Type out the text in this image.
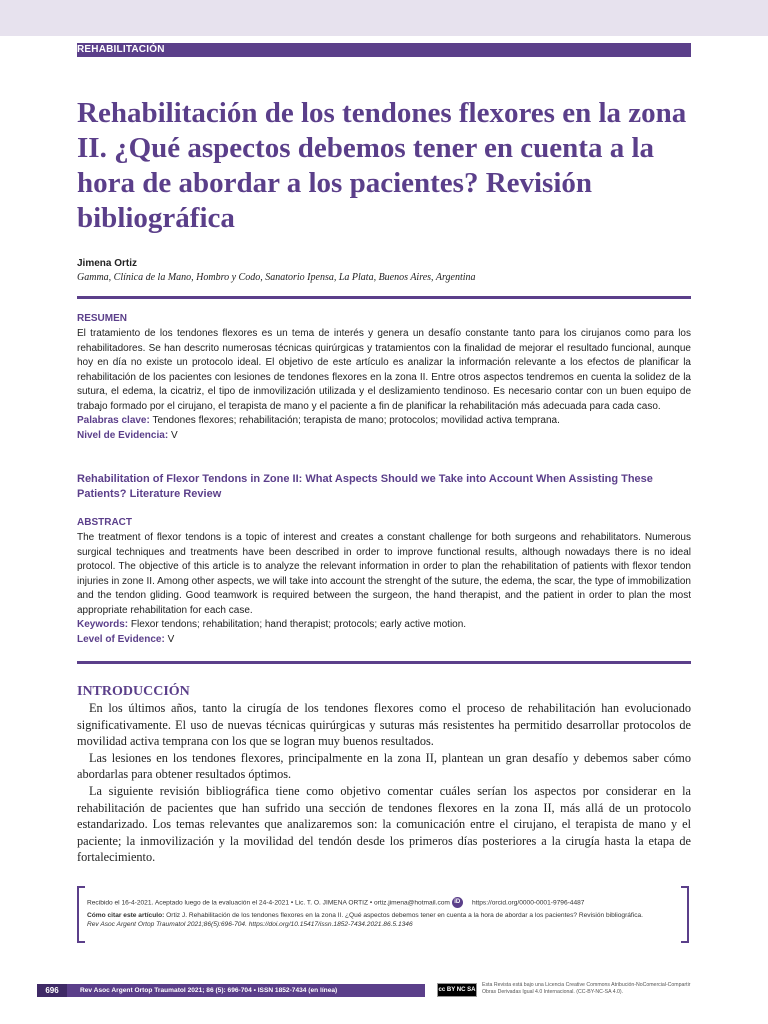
REHABILITACIÓN
Rehabilitación de los tendones flexores en la zona II. ¿Qué aspectos debemos tener en cuenta a la hora de abordar a los pacientes? Revisión bibliográfica
Jimena Ortiz
Gamma, Clínica de la Mano, Hombro y Codo, Sanatorio Ipensa, La Plata, Buenos Aires, Argentina
RESUMEN
El tratamiento de los tendones flexores es un tema de interés y genera un desafío constante tanto para los cirujanos como para los rehabilitadores. Se han descrito numerosas técnicas quirúrgicas y tratamientos con la finalidad de mejorar el resultado funcional, aunque hoy en día no existe un protocolo ideal. El objetivo de este artículo es analizar la información relevante a los efectos de planificar la rehabilitación de los pacientes con lesiones de tendones flexores en la zona II. Entre otros aspectos tendremos en cuenta la solidez de la sutura, el edema, la cicatriz, el tipo de inmovilización utilizada y el deslizamiento tendinoso. Es necesario contar con un buen equipo de trabajo formado por el cirujano, el terapista de mano y el paciente a fin de planificar la rehabilitación más adecuada para cada caso.
Palabras clave: Tendones flexores; rehabilitación; terapista de mano; protocolos; movilidad activa temprana.
Nivel de Evidencia: V
Rehabilitation of Flexor Tendons in Zone II: What Aspects Should we Take into Account When Assisting These Patients? Literature Review
ABSTRACT
The treatment of flexor tendons is a topic of interest and creates a constant challenge for both surgeons and rehabilitators. Numerous surgical techniques and treatments have been described in order to improve functional results, although nowadays there is no ideal protocol. The objective of this article is to analyze the relevant information in order to plan the rehabilitation of patients with flexor tendon injuries in zone II. Among other aspects, we will take into account the strenght of the suture, the edema, the scar, the type of immobilization and the tendon gliding. Good teamwork is required between the surgeon, the hand therapist, and the patient in order to plan the most appropriate rehabilitation for each case.
Keywords: Flexor tendons; rehabilitation; hand therapist; protocols; early active motion.
Level of Evidence: V
INTRODUCCIÓN

En los últimos años, tanto la cirugía de los tendones flexores como el proceso de rehabilitación han evolucionado significativamente. El uso de nuevas técnicas quirúrgicas y suturas más resistentes ha permitido desarrollar protocolos de movilidad activa temprana con los que se logran muy buenos resultados.

Las lesiones en los tendones flexores, principalmente en la zona II, plantean un gran desafío y debemos saber cómo abordarlas para obtener resultados óptimos.

La siguiente revisión bibliográfica tiene como objetivo comentar cuáles serían los aspectos por considerar en la rehabilitación de pacientes que han sufrido una sección de tendones flexores en la zona II, más allá de un protocolo estandarizado. Los temas relevantes que analizaremos son: la comunicación entre el cirujano, el terapista de mano y el paciente; la inmovilización y la movilidad del tendón desde los primeros días posteriores a la cirugía hasta la etapa de fortalecimiento.

Recibido el 16-4-2021. Aceptado luego de la evaluación el 24-4-2021 • Lic. T. O. JIMENA ORTIZ • ortiz.jimena@hotmail.com iD https://orcid.org/0000-0001-9796-4487
Cómo citar este artículo: Ortiz J. Rehabilitación de los tendones flexores en la zona II. ¿Qué aspectos debemos tener en cuenta a la hora de abordar a los pacientes? Revisión bibliográfica.
Rev Asoc Argent Ortop Traumatol 2021;86(5):696-704. https://doi.org/10.15417/issn.1852-7434.2021.86.5.1346
696	Rev Asoc Argent Ortop Traumatol 2021; 86 (5): 696-704 • ISSN 1852-7434 (en línea)	cc BY NC SA
Esta Revista está bajo una Licencia Creative Commons Atribución-NoComercial-Compartir Obras Derivadas Igual 4.0 Internacional. (CC-BY-NC-SA 4.0).
